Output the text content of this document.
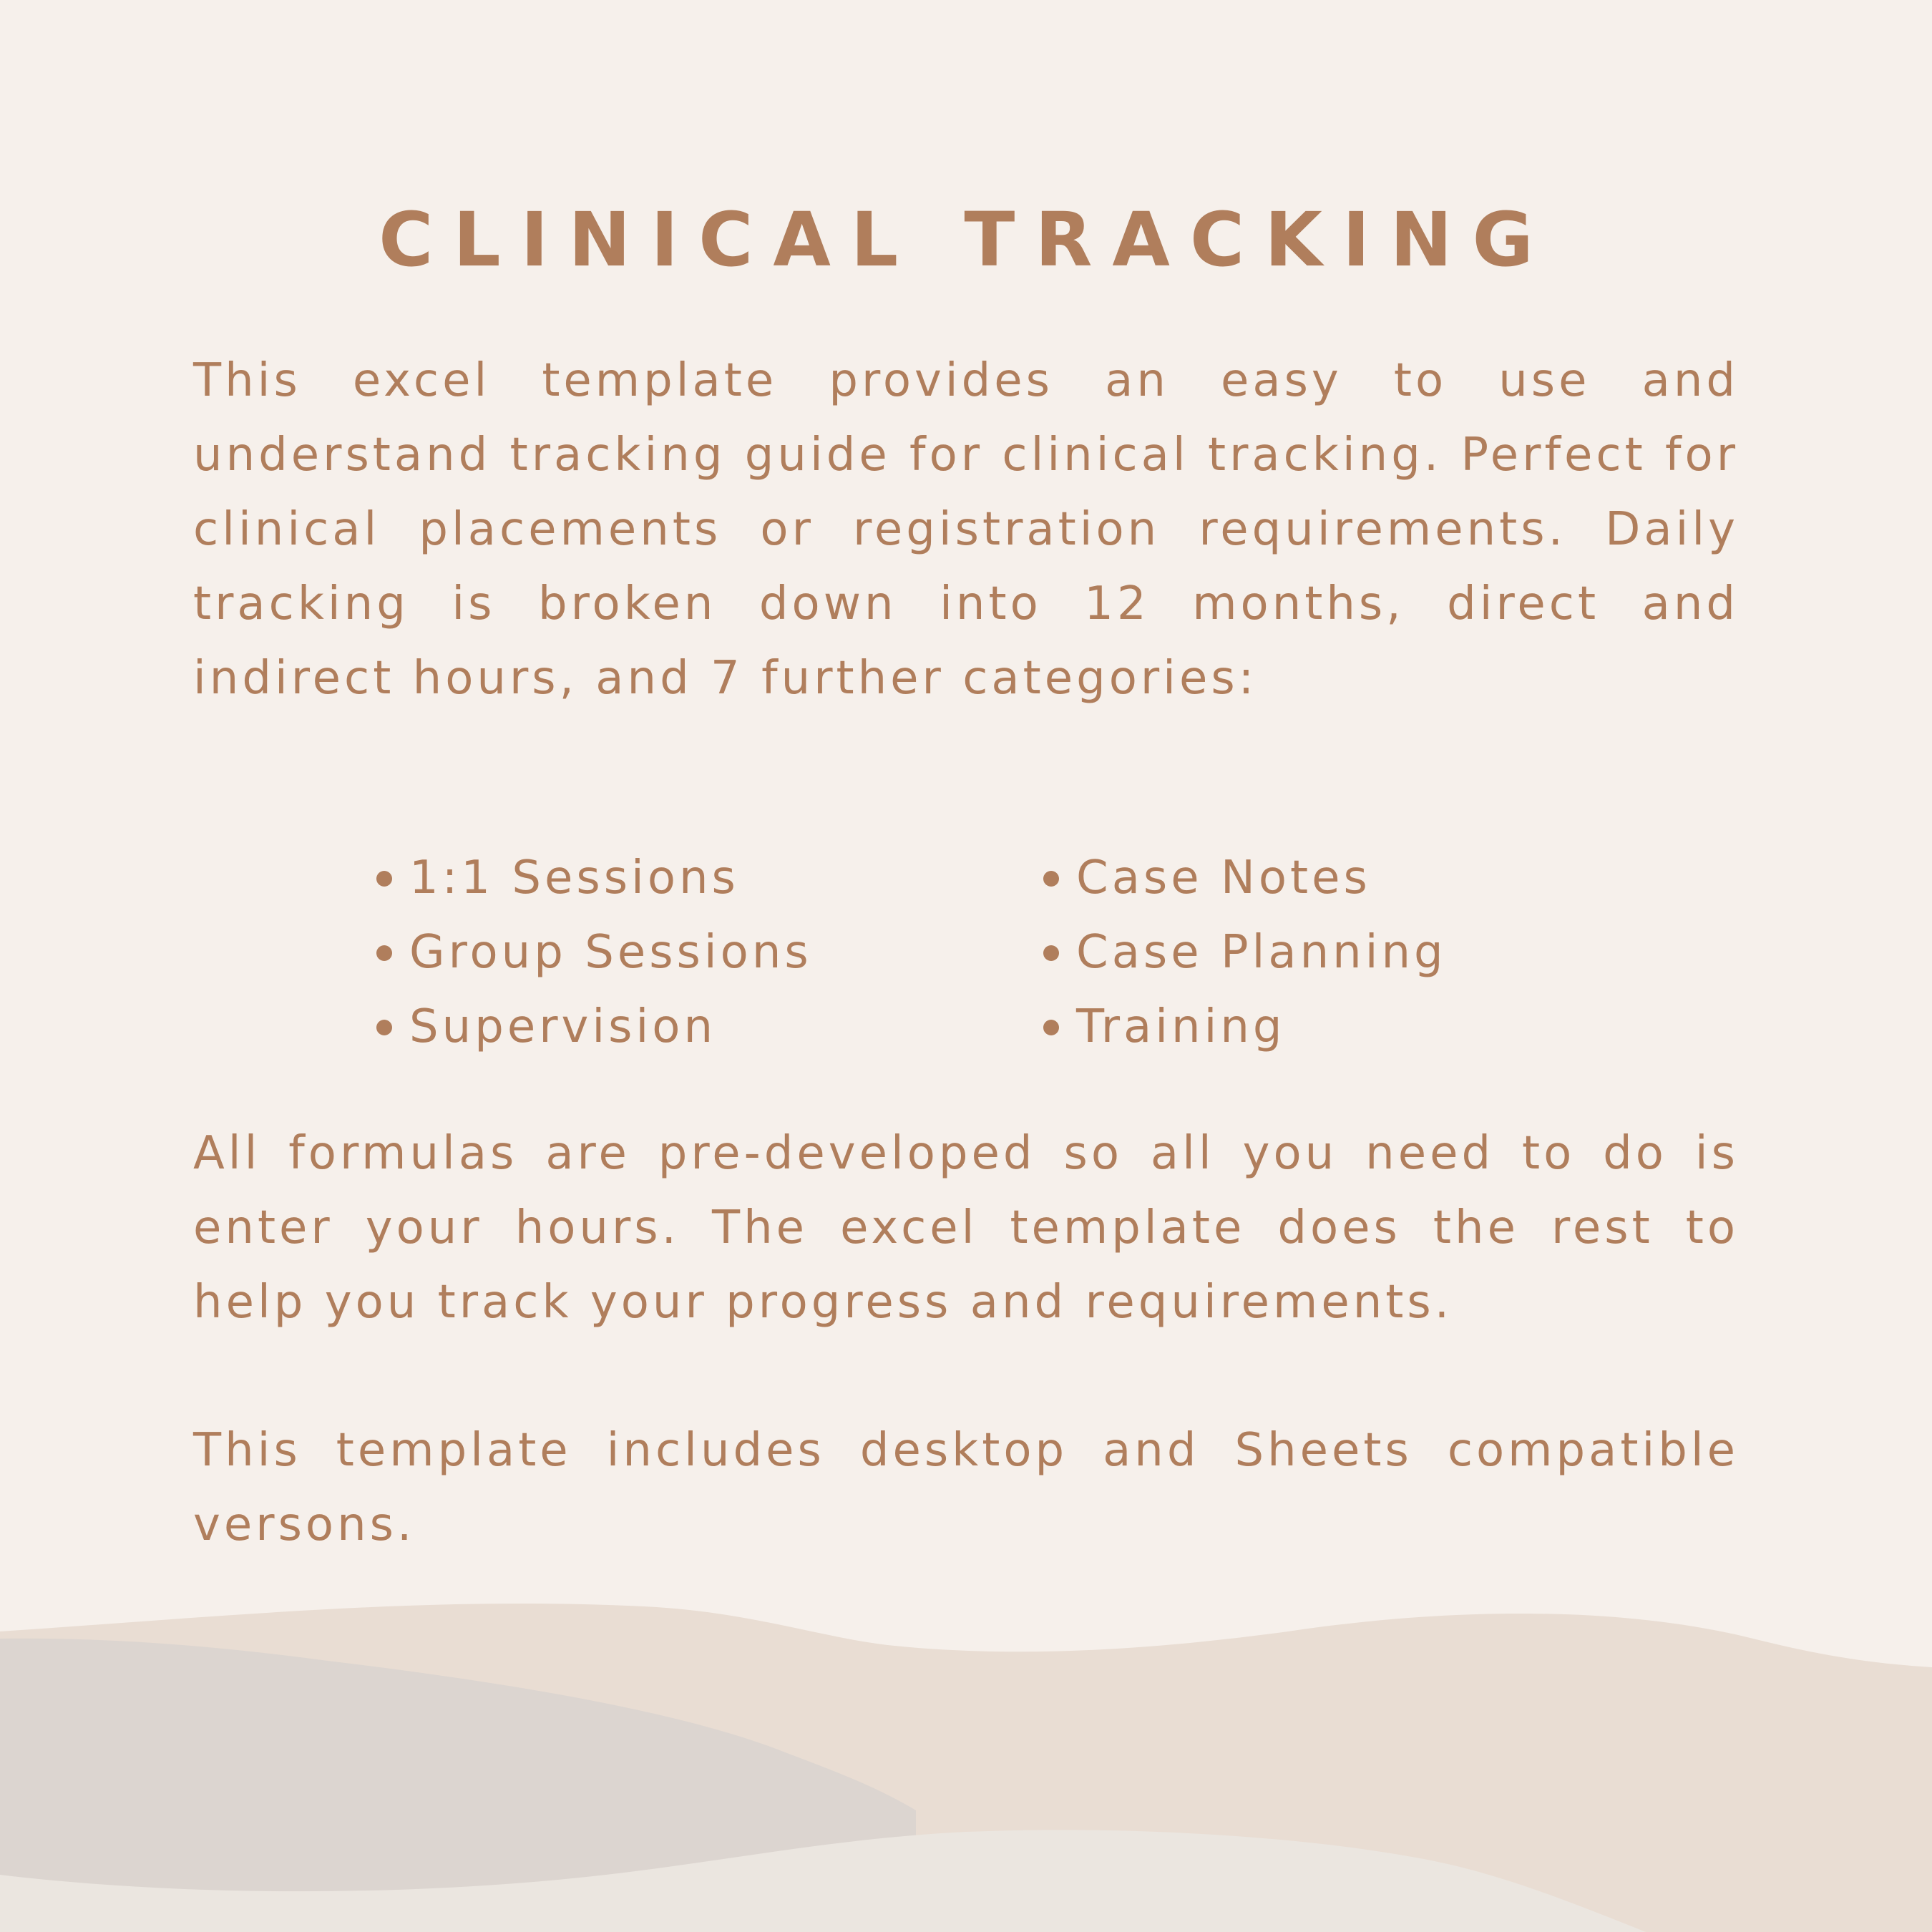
CLINICAL TRACKING

This excel template provides an easy to use and understand tracking guide for clinical tracking. Perfect for clinical placements or registration requirements. Daily tracking is broken down into 12 months, direct and indirect hours, and 7 further categories:

1:1 Sessions
Group Sessions
Supervision
Case Notes
Case Planning
Training

All formulas are pre-developed so all you need to do is enter your hours. The excel template does the rest to help you track your progress and requirements.

This template includes desktop and Sheets compatible versons.
